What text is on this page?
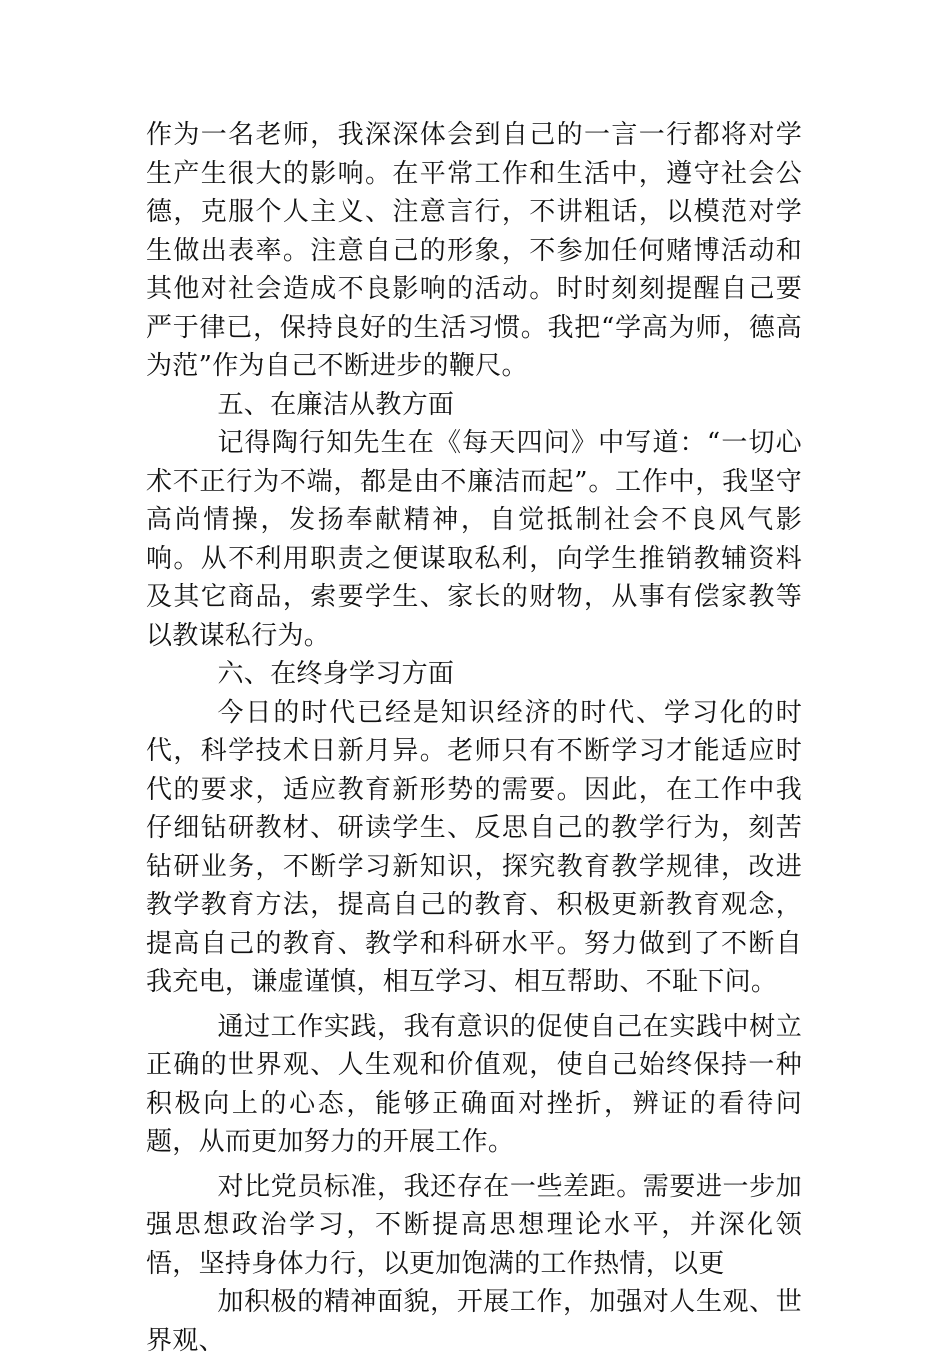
作为一名老师，我深深体会到自己的一言一行都将对学生产生很大的影响。在平常工作和生活中，遵守社会公德，克服个人主义、注意言行，不讲粗话，以模范对学生做出表率。注意自己的形象，不参加任何赌博活动和其他对社会造成不良影响的活动。时时刻刻提醒自己要严于律已，保持良好的生活习惯。我把“学高为师，德高为范”作为自己不断进步的鞭尺。

五、在廉洁从教方面

记得陶行知先生在《每天四问》中写道：“一切心术不正行为不端，都是由不廉洁而起”。工作中，我坚守高尚情操，发扬奉献精神，自觉抵制社会不良风气影响。从不利用职责之便谋取私利，向学生推销教辅资料及其它商品，索要学生、家长的财物，从事有偿家教等以教谋私行为。

六、在终身学习方面

今日的时代已经是知识经济的时代、学习化的时代，科学技术日新月异。老师只有不断学习才能适应时代的要求，适应教育新形势的需要。因此，在工作中我仔细钻研教材、研读学生、反思自己的教学行为，刻苦钻研业务，不断学习新知识，探究教育教学规律，改进教学教育方法，提高自己的教育、积极更新教育观念，提高自己的教育、教学和科研水平。努力做到了不断自我充电，谦虚谨慎，相互学习、相互帮助、不耻下问。

通过工作实践，我有意识的促使自己在实践中树立正确的世界观、人生观和价值观，使自己始终保持一种积极向上的心态，能够正确面对挫折，辨证的看待问题，从而更加努力的开展工作。

对比党员标准，我还存在一些差距。需要进一步加强思想政治学习，不断提高思想理论水平，并深化领悟，坚持身体力行，以更加饱满的工作热情，以更

加积极的精神面貌，开展工作，加强对人生观、世界观、
